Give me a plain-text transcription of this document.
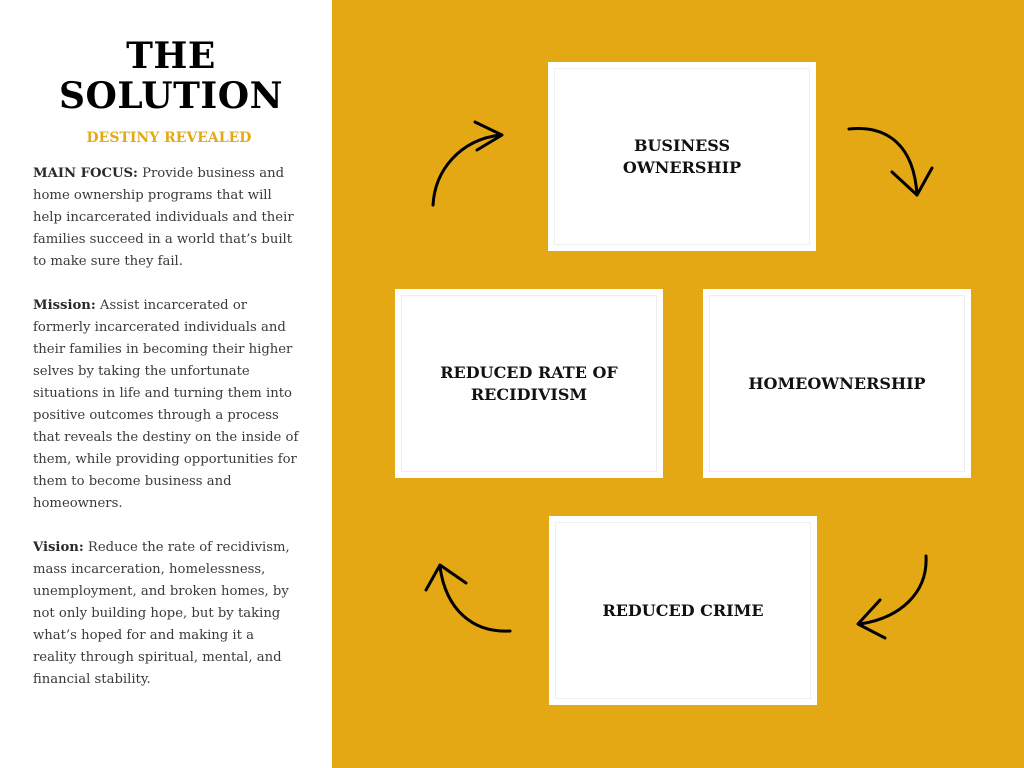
THE
SOLUTION
DESTINY REVEALED

MAIN FOCUS: Provide business and home ownership programs that will help incarcerated individuals and their families succeed in a world that’s built to make sure they fail.

Mission: Assist incarcerated or formerly incarcerated individuals and their families in becoming their higher selves by taking the unfortunate situations in life and turning them into positive outcomes through a process that reveals the destiny on the inside of them, while providing opportunities for them to become business and homeowners.

Vision: Reduce the rate of recidivism, mass incarceration, homelessness, unemployment, and broken homes, by not only building hope, but by taking what’s hoped for and making it a reality through spiritual, mental, and financial stability.

BUSINESS
OWNERSHIP
REDUCED RATE OF
RECIDIVISM
HOMEOWNERSHIP
REDUCED CRIME
